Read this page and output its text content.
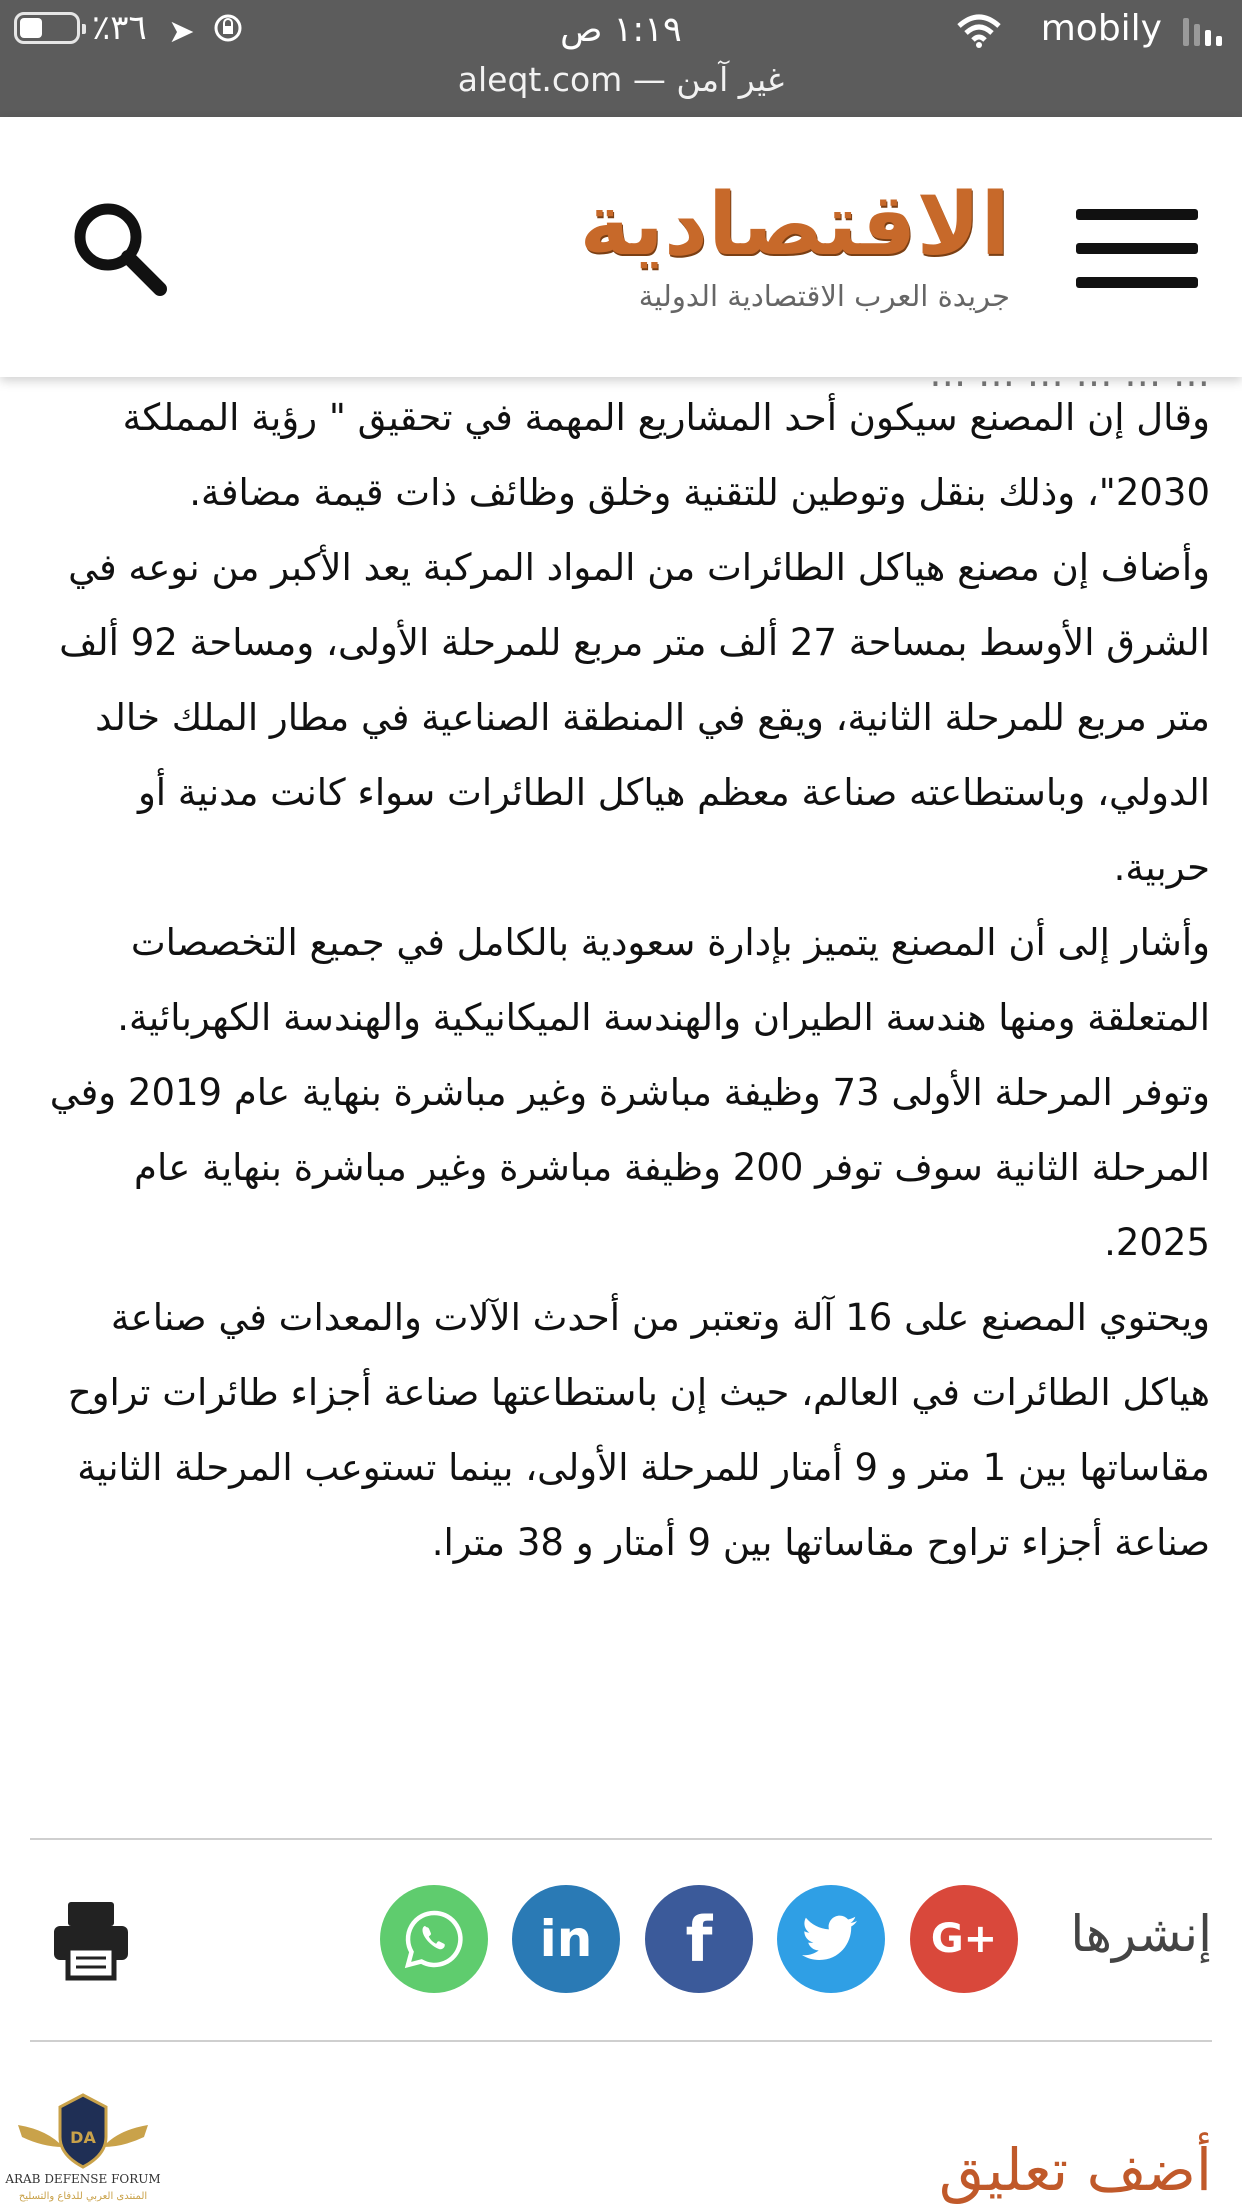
٪٣٦ ➤	١:١٩ ص	mobily
aleqt.com — غير آمن
الاقتصادية
جريدة العرب الاقتصادية الدولية

وقال إن المصنع سيكون أحد المشاريع المهمة في تحقيق " رؤية المملكة 2030"، وذلك بنقل وتوطين للتقنية وخلق وظائف ذات قيمة مضافة.

وأضاف إن مصنع هياكل الطائرات من المواد المركبة يعد الأكبر من نوعه في الشرق الأوسط بمساحة 27 ألف متر مربع للمرحلة الأولى، ومساحة 92 ألف متر مربع للمرحلة الثانية، ويقع في المنطقة الصناعية في مطار الملك خالد الدولي، وباستطاعته صناعة معظم هياكل الطائرات سواء كانت مدنية أو حربية.

وأشار إلى أن المصنع يتميز بإدارة سعودية بالكامل في جميع التخصصات المتعلقة ومنها هندسة الطيران والهندسة الميكانيكية والهندسة الكهربائية. وتوفر المرحلة الأولى 73 وظيفة مباشرة وغير مباشرة بنهاية عام 2019 وفي المرحلة الثانية سوف توفر 200 وظيفة مباشرة وغير مباشرة بنهاية عام 2025.

ويحتوي المصنع على 16 آلة وتعتبر من أحدث الآلات والمعدات في صناعة هياكل الطائرات في العالم، حيث إن باستطاعتها صناعة أجزاء طائرات تراوح مقاساتها بين 1 متر و 9 أمتار للمرحلة الأولى، بينما تستوعب المرحلة الثانية صناعة أجزاء تراوح مقاساتها بين 9 أمتار و 38 مترا.

إنشرها
G+
f
in
أضف تعليق
DA
ARAB DEFENSE FORUM
المنتدى العربي للدفاع والتسليح
